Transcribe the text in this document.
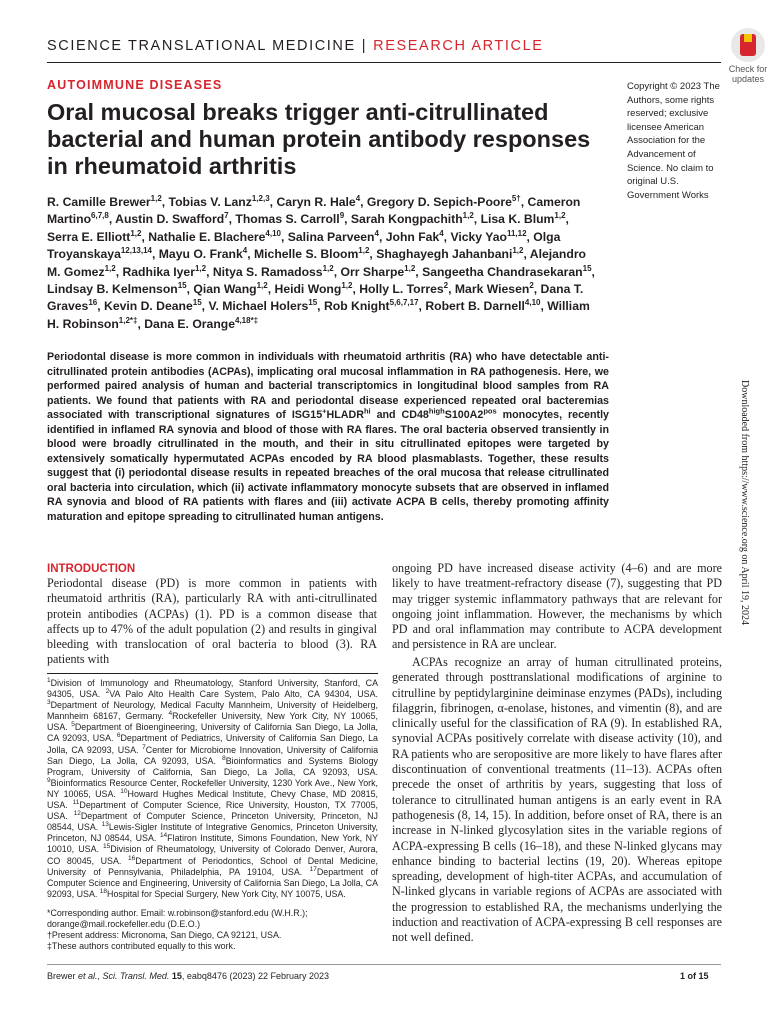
SCIENCE TRANSLATIONAL MEDICINE | RESEARCH ARTICLE
Check for updates
AUTOIMMUNE DISEASES
Oral mucosal breaks trigger anti-citrullinated bacterial and human protein antibody responses in rheumatoid arthritis
Copyright © 2023 The Authors, some rights reserved; exclusive licensee American Association for the Advancement of Science. No claim to original U.S. Government Works

R. Camille Brewer$^{1,2}$, Tobias V. Lanz$^{1,2,3}$, Caryn R. Hale$^4$, Gregory D. Sepich-Poore$^{5\dagger}$, Cameron Martino$^{6,7,8}$, Austin D. Swafford$^7$, Thomas S. Carroll$^9$, Sarah Kongpachith$^{1,2}$, Lisa K. Blum$^{1,2}$, Serra E. Elliott$^{1,2}$, Nathalie E. Blachere$^{4,10}$, Salina Parveen$^4$, John Fak$^4$, Vicky Yao$^{11,12}$, Olga Troyanskaya$^{12,13,14}$, Mayu O. Frank$^4$, Michelle S. Bloom$^{1,2}$, Shaghayegh Jahanbani$^{1,2}$, Alejandro M. Gomez$^{1,2}$, Radhika Iyer$^{1,2}$, Nitya S. Ramadoss$^{1,2}$, Orr Sharpe$^{1,2}$, Sangeetha Chandrasekaran$^{15}$, Lindsay B. Kelmenson$^{15}$, Qian Wang$^{1,2}$, Heidi Wong$^{1,2}$, Holly L. Torres$^2$, Mark Wiesen$^2$, Dana T. Graves$^{16}$, Kevin D. Deane$^{15}$, V. Michael Holers$^{15}$, Rob Knight$^{5,6,7,17}$, Robert B. Darnell$^{4,10}$, William H. Robinson$^{1,2*\ddagger}$, Dana E. Orange$^{4,18*\ddagger}$

Periodontal disease is more common in individuals with rheumatoid arthritis (RA) who have detectable anti-citrullinated protein antibodies (ACPAs), implicating oral mucosal inflammation in RA pathogenesis. Here, we performed paired analysis of human and bacterial transcriptomics in longitudinal blood samples from RA patients. We found that patients with RA and periodontal disease experienced repeated oral bacteremias associated with transcriptional signatures of $ISG15^+HLADR^{hi}$ and $CD48^{high}S100A2^{pos}$ monocytes, recently identified in inflamed RA synovia and blood of those with RA flares. The oral bacteria observed transiently in blood were broadly citrullinated in the mouth, and their in situ citrullinated epitopes were targeted by extensively somatically hypermutated ACPAs encoded by RA blood plasmablasts. Together, these results suggest that (i) periodontal disease results in repeated breaches of the oral mucosa that release citrullinated oral bacteria into circulation, which (ii) activate inflammatory monocyte subsets that are observed in inflamed RA synovia and blood of RA patients with flares and (iii) activate ACPA B cells, thereby promoting affinity maturation and epitope spreading to citrullinated human antigens.	Downloaded from https://www.science.org on April 19, 2024
INTRODUCTION

Periodontal disease (PD) is more common in patients with rheumatoid arthritis (RA), particularly RA with anti-citrullinated protein antibodies (ACPAs) (1). PD is a common disease that affects up to 47% of the adult population (2) and results in gingival bleeding with translocation of oral bacteria to blood (3). RA patients with

ongoing PD have increased disease activity (4–6) and are more likely to have treatment-refractory disease (7), suggesting that PD may trigger systemic inflammatory pathways that are relevant for ongoing joint inflammation. However, the mechanisms by which PD and oral inflammation may contribute to ACPA development and persistence in RA are unclear.

ACPAs recognize an array of human citrullinated proteins, generated through posttranslational modifications of arginine to citrulline by peptidylarginine deiminase enzymes (PADs), including filaggrin, fibrinogen, α-enolase, histones, and vimentin (8), and are clinically useful for the classification of RA (9). In established RA, synovial ACPAs positively correlate with disease activity (10), and RA patients who are seropositive are more likely to have flares after discontinuation of conventional treatments (11–13). ACPAs often precede the onset of arthritis by years, suggesting that loss of tolerance to citrullinated human antigens is an early event in RA pathogenesis (8, 14, 15). In addition, before onset of RA, there is an increase in N-linked glycosylation sites in the variable regions of ACPA-expressing B cells (16–18), and these N-linked glycans may enhance binding to bacterial lectins (19, 20). Whereas epitope spreading, development of high-titer ACPAs, and accumulation of N-linked glycans in variable regions of ACPAs are associated with the progression to established RA, the mechanisms underlying the induction and reactivation of ACPA-expressing B cell responses are not well defined.

$^1$Division of Immunology and Rheumatology, Stanford University, Stanford, CA 94305, USA. $^2$VA Palo Alto Health Care System, Palo Alto, CA 94304, USA. $^3$Department of Neurology, Medical Faculty Mannheim, University of Heidelberg, Mannheim 68167, Germany. $^4$Rockefeller University, New York City, NY 10065, USA. $^5$Department of Bioengineering, University of California San Diego, La Jolla, CA 92093, USA. $^6$Department of Pediatrics, University of California San Diego, La Jolla, CA 92093, USA. $^7$Center for Microbiome Innovation, University of California San Diego, La Jolla, CA 92093, USA. $^8$Bioinformatics and Systems Biology Program, University of California, San Diego, La Jolla, CA 92093, USA. $^9$Bioinformatics Resource Center, Rockefeller University, 1230 York Ave., New York, NY 10065, USA. $^{10}$Howard Hughes Medical Institute, Chevy Chase, MD 20815, USA. $^{11}$Department of Computer Science, Rice University, Houston, TX 77005, USA. $^{12}$Department of Computer Science, Princeton University, Princeton, NJ 08544, USA. $^{13}$Lewis-Sigler Institute of Integrative Genomics, Princeton University, Princeton, NJ 08544, USA. $^{14}$Flatiron Institute, Simons Foundation, New York, NY 10010, USA. $^{15}$Division of Rheumatology, University of Colorado Denver, Aurora, CO 80045, USA. $^{16}$Department of Periodontics, School of Dental Medicine, University of Pennsylvania, Philadelphia, PA 19104, USA. $^{17}$Department of Computer Science and Engineering, University of California San Diego, La Jolla, CA 92093, USA. $^{18}$Hospital for Special Surgery, New York City, NY 10075, USA.

*Corresponding author. Email: w.robinson@stanford.edu (W.H.R.); dorange@mail.rockefeller.edu (D.E.O.)
†Present address: Micronoma, San Diego, CA 92121, USA.
‡These authors contributed equally to this work.
Brewer et al., Sci. Transl. Med. 15, eabq8476 (2023) 22 February 2023	1 of 15
